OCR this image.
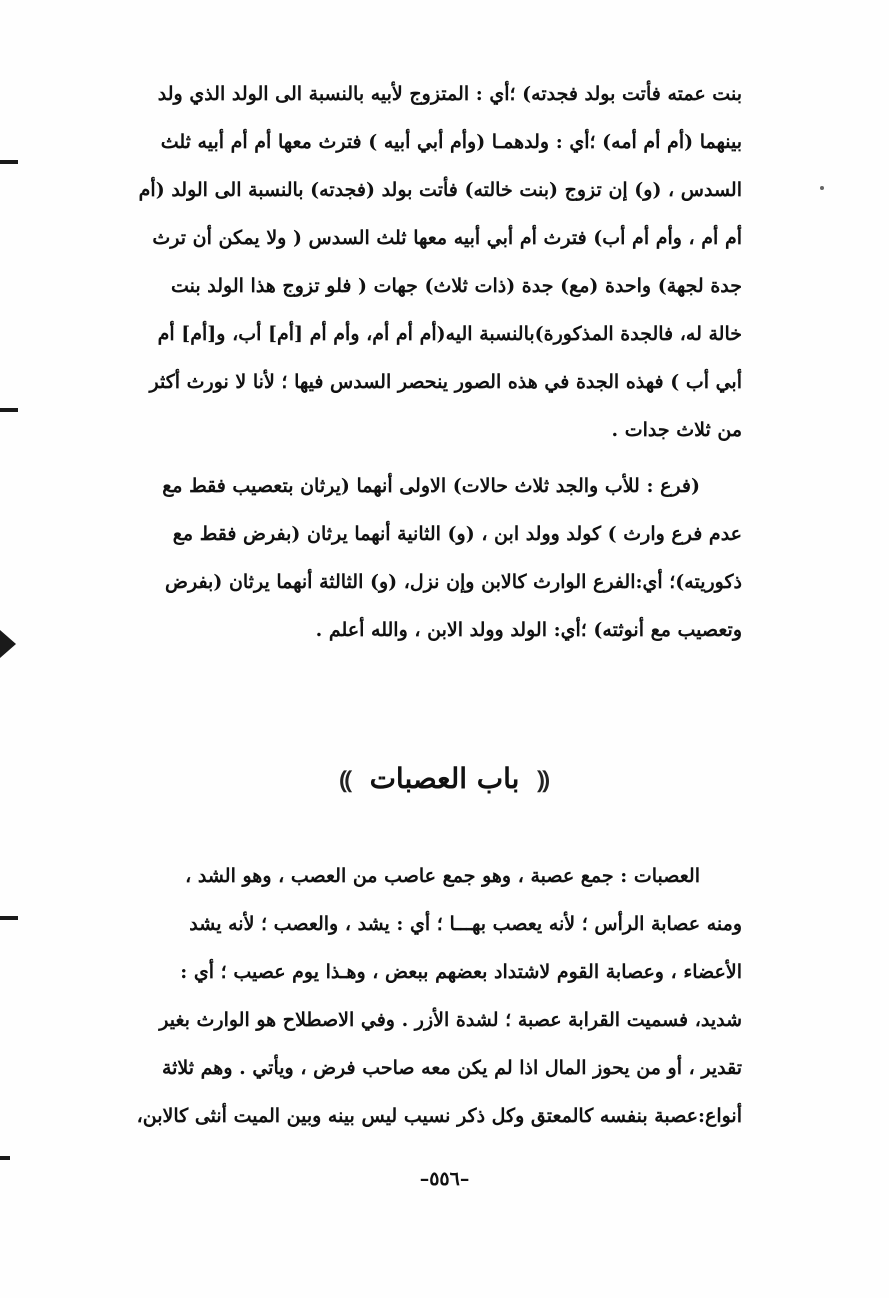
بنت عمته فأتت بولد فجدته) ؛أي : المتزوج لأبيه بالنسبة الى الولد الذي ولد
بينهما (أم أم أمه) ؛أي : ولدهمـا (وأم أبي أبيه ) فترث معها أم أم أبيه ثلث
السدس ، (و) إن تزوج (بنت خالته) فأتت بولد (فجدته) بالنسبة الى الولد (أم
أم أم ، وأم أم أب) فترث أم أبي أبيه معها ثلث السدس ( ولا يمكن أن ترث
جدة لجهة) واحدة (مع) جدة (ذات ثلاث) جهات ( فلو تزوج هذا الولد بنت
خالة له، فالجدة المذكورة)بالنسبة اليه(أم أم أم، وأم أم [أم] أب، و[أم] أم
أبي أب ) فهذه الجدة في هذه الصور ينحصر السدس فيها ؛ لأنا لا نورث أكثر
من ثلاث جدات .
(فرع : للأب والجد ثلاث حالات) الاولى أنهما (يرثان بتعصيب فقط مع
عدم فرع وارث ) كولد وولد ابن ، (و) الثانية أنهما يرثان (بفرض فقط مع
ذكوريته)؛ أي:الفرع الوارث كالابن وإن نزل، (و) الثالثة أنهما يرثان (بفرض
وتعصيب مع أنوثته) ؛أي: الولد وولد الابن ، والله أعلم .
⸨ باب العصبات ⸩
العصبات : جمع عصبة ، وهو جمع عاصب من العصب ، وهو الشد ،
ومنه عصابة الرأس ؛ لأنه يعصب بهـــا ؛ أي : يشد ، والعصب ؛ لأنه يشد
الأعضاء ، وعصابة القوم لاشتداد بعضهم ببعض ، وهـذا يوم عصيب ؛ أي :
شديد، فسميت القرابة عصبة ؛ لشدة الأزر . وفي الاصطلاح هو الوارث بغير
تقدير ، أو من يحوز المال اذا لم يكن معه صاحب فرض ، ويأتي . وهم ثلاثة
أنواع:عصبة بنفسه كالمعتق وكل ذكر نسيب ليس بينه وبين الميت أنثى كالابن،
–٥٥٦–
